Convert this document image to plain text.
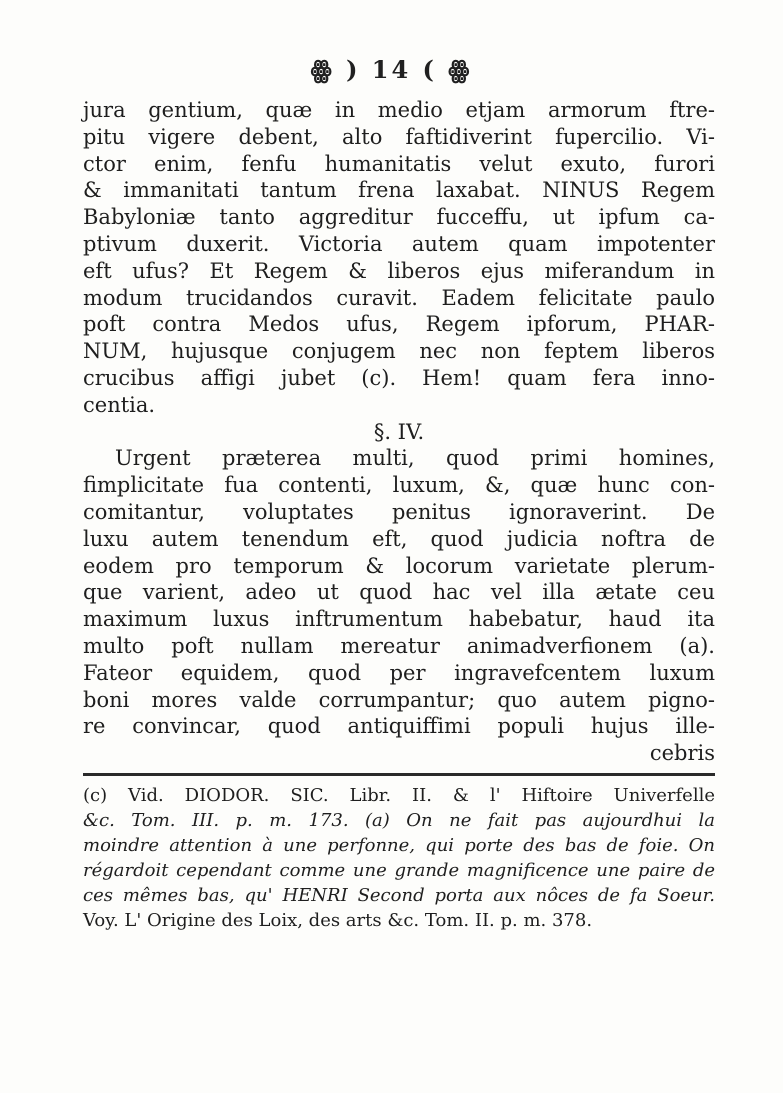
ꙮ ) 14 ( ꙮ
jura gentium, quæ in medio etjam armorum ftre-
pitu vigere debent, alto faftidiverint fupercilio. Vi-
ctor enim, fenfu humanitatis velut exuto, furori
& immanitati tantum frena laxabat. NINUS Regem
Babyloniæ tanto aggreditur fucceffu, ut ipfum ca-
ptivum duxerit. Victoria autem quam impotenter
eft ufus? Et Regem & liberos ejus miferandum in
modum trucidandos curavit. Eadem felicitate paulo
poft contra Medos ufus, Regem ipforum, PHAR-
NUM, hujusque conjugem nec non feptem liberos
crucibus affigi jubet (c). Hem! quam fera inno-
centia.
§. IV.
Urgent præterea multi, quod primi homines,
fimplicitate fua contenti, luxum, &, quæ hunc con-
comitantur, voluptates penitus ignoraverint. De
luxu autem tenendum eft, quod judicia noftra de
eodem pro temporum & locorum varietate plerum-
que varient, adeo ut quod hac vel illa ætate ceu
maximum luxus inftrumentum habebatur, haud ita
multo poft nullam mereatur animadverfionem (a).
Fateor equidem, quod per ingravefcentem luxum
boni mores valde corrumpantur; quo autem pigno-
re convincar, quod antiquiffimi populi hujus ille-
cebris
(c) Vid. DIODOR. SIC. Libr. II. & l' Hiftoire Univerfelle
&c. Tom. III. p. m. 173. (a) On ne fait pas aujourdhui la
moindre attention à une perfonne, qui porte des bas de foie. On
régardoit cependant comme une grande magnificence une paire de
ces mêmes bas, qu' HENRI Second porta aux nôces de fa Soeur.
Voy. L' Origine des Loix, des arts &c. Tom. II. p. m. 378.
